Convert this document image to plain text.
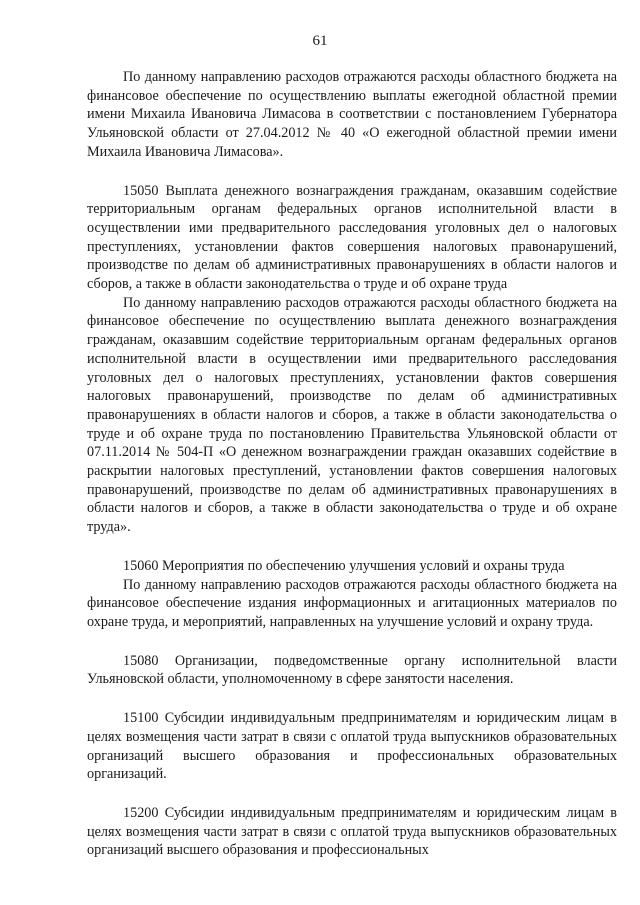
61

По данному направлению расходов отражаются расходы областного бюджета на финансовое обеспечение по осуществлению выплаты ежегодной областной премии имени Михаила Ивановича Лимасова в соответствии с постановлением Губернатора Ульяновской области от 27.04.2012 № 40 «О ежегодной областной премии имени Михаила Ивановича Лимасова».

15050 Выплата денежного вознаграждения гражданам, оказавшим содействие территориальным органам федеральных органов исполнительной власти в осуществлении ими предварительного расследования уголовных дел о налоговых преступлениях, установлении фактов совершения налоговых правонарушений, производстве по делам об административных правонарушениях в области налогов и сборов, а также в области законодательства о труде и об охране труда

По данному направлению расходов отражаются расходы областного бюджета на финансовое обеспечение по осуществлению выплата денежного вознаграждения гражданам, оказавшим содействие территориальным органам федеральных органов исполнительной власти в осуществлении ими предварительного расследования уголовных дел о налоговых преступлениях, установлении фактов совершения налоговых правонарушений, производстве по делам об административных правонарушениях в области налогов и сборов, а также в области законодательства о труде и об охране труда по постановлению Правительства Ульяновской области от 07.11.2014 № 504-П «О денежном вознаграждении граждан оказавших содействие в раскрытии налоговых преступлений, установлении фактов совершения налоговых правонарушений, производстве по делам об административных правонарушениях в области налогов и сборов, а также в области законодательства о труде и об охране труда».

15060 Мероприятия по обеспечению улучшения условий и охраны труда

По данному направлению расходов отражаются расходы областного бюджета на финансовое обеспечение издания информационных и агитационных материалов по охране труда, и мероприятий, направленных на улучшение условий и охрану труда.

15080 Организации, подведомственные органу исполнительной власти Ульяновской области, уполномоченному в сфере занятости населения.

15100 Субсидии индивидуальным предпринимателям и юридическим лицам в целях возмещения части затрат в связи с оплатой труда выпускников образовательных организаций высшего образования и профессиональных образовательных организаций.

15200 Субсидии индивидуальным предпринимателям и юридическим лицам в целях возмещения части затрат в связи с оплатой труда выпускников образовательных организаций высшего образования и профессиональных
